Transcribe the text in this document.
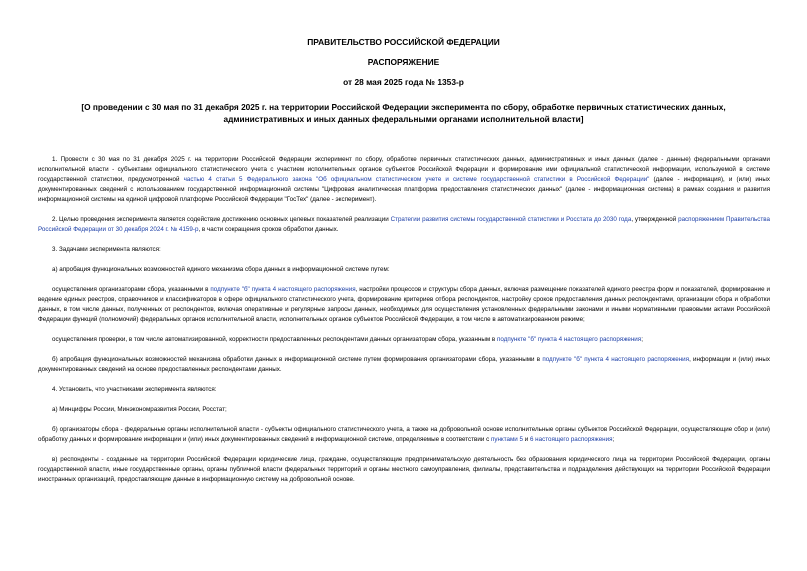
ПРАВИТЕЛЬСТВО РОССИЙСКОЙ ФЕДЕРАЦИИ
РАСПОРЯЖЕНИЕ
от 28 мая 2025 года № 1353-р
[О проведении с 30 мая по 31 декабря 2025 г. на территории Российской Федерации эксперимента по сбору, обработке первичных статистических данных, административных и иных данных федеральными органами исполнительной власти]

1. Провести с 30 мая по 31 декабря 2025 г. на территории Российской Федерации эксперимент по сбору, обработке первичных статистических данных, административных и иных данных (далее - данные) федеральными органами исполнительной власти - субъектами официального статистического учета с участием исполнительных органов субъектов Российской Федерации и формирование ими официальной статистической информации, используемой в системе государственной статистики, предусмотренной частью 4 статьи 5 Федерального закона "Об официальном статистическом учете и системе государственной статистики в Российской Федерации" (далее - информация), и (или) иных документированных сведений с использованием государственной информационной системы "Цифровая аналитическая платформа предоставления статистических данных" (далее - информационная система) в рамках создания и развития информационной системы на единой цифровой платформе Российской Федерации "ГосТех" (далее - эксперимент).

2. Целью проведения эксперимента является содействие достижению основных целевых показателей реализации Стратегии развития системы государственной статистики и Росстата до 2030 года, утвержденной распоряжением Правительства Российской Федерации от 30 декабря 2024 г. № 4159-р, в части сокращения сроков обработки данных.

3. Задачами эксперимента являются:

а) апробация функциональных возможностей единого механизма сбора данных в информационной системе путем:

осуществления организаторами сбора, указанными в подпункте "б" пункта 4 настоящего распоряжения, настройки процессов и структуры сбора данных, включая размещение показателей единого реестра форм и показателей, формирование и ведение единых реестров, справочников и классификаторов в сфере официального статистического учета, формирование критериев отбора респондентов, настройку сроков предоставления данных респондентами, организации сбора и обработки данных, в том числе данных, полученных от респондентов, включая оперативные и регулярные запросы данных, необходимых для осуществления установленных федеральными законами и иными нормативными правовыми актами Российской Федерации функций (полномочий) федеральных органов исполнительной власти, исполнительных органов субъектов Российской Федерации, в том числе в автоматизированном режиме;

осуществления проверки, в том числе автоматизированной, корректности предоставленных респондентами данных организаторам сбора, указанным в подпункте "б" пункта 4 настоящего распоряжения;

б) апробация функциональных возможностей механизма обработки данных в информационной системе путем формирования организаторами сбора, указанными в подпункте "б" пункта 4 настоящего распоряжения, информации и (или) иных документированных сведений на основе предоставленных респондентами данных.

4. Установить, что участниками эксперимента являются:

а) Минцифры России, Минэкономразвития России, Росстат;

б) организаторы сбора - федеральные органы исполнительной власти - субъекты официального статистического учета, а также на добровольной основе исполнительные органы субъектов Российской Федерации, осуществляющие сбор и (или) обработку данных и формирование информации и (или) иных документированных сведений в информационной системе, определяемые в соответствии с пунктами 5 и 6 настоящего распоряжения;

в) респонденты - созданные на территории Российской Федерации юридические лица, граждане, осуществляющие предпринимательскую деятельность без образования юридического лица на территории Российской Федерации, органы государственной власти, иные государственные органы, органы публичной власти федеральных территорий и органы местного самоуправления, филиалы, представительства и подразделения действующих на территории Российской Федерации иностранных организаций, предоставляющие данные в информационную систему на добровольной основе.
